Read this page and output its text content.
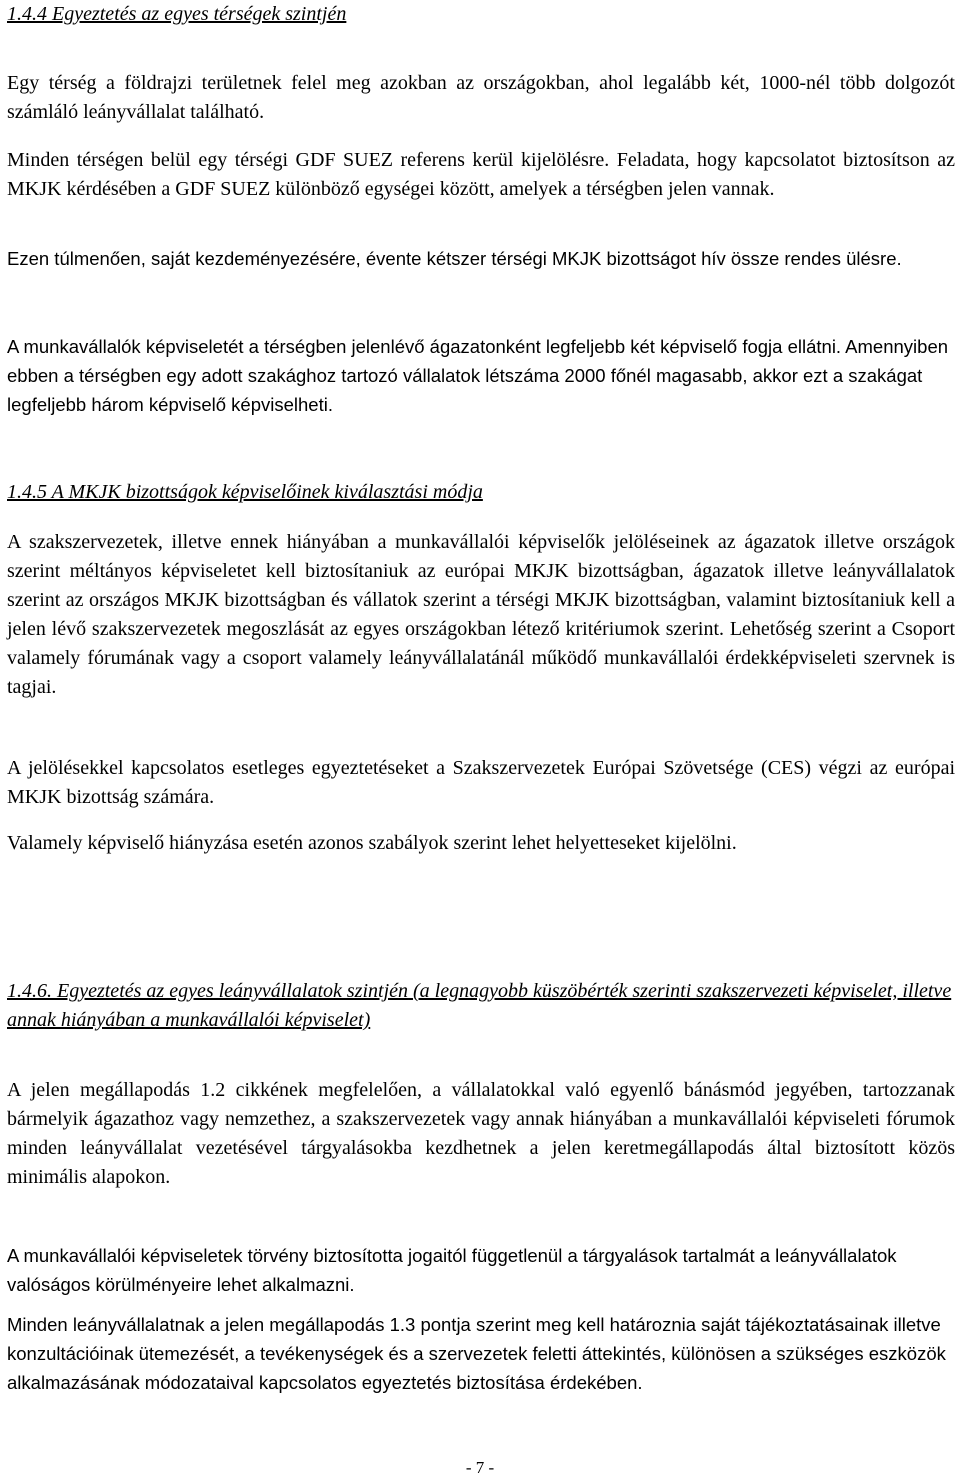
1.4.4 Egyeztetés az egyes térségek szintjén

Egy térség a földrajzi területnek felel meg azokban az országokban, ahol legalább két, 1000-nél több dolgozót számláló leányvállalat található.

Minden térségen belül egy térségi GDF SUEZ referens kerül kijelölésre. Feladata, hogy kapcsolatot biztosítson az MKJK kérdésében a GDF SUEZ különböző egységei között, amelyek a térségben jelen vannak.

Ezen túlmenően, saját kezdeményezésére, évente kétszer térségi MKJK bizottságot hív össze rendes ülésre.

A munkavállalók képviseletét a térségben jelenlévő ágazatonként legfeljebb két képviselő fogja ellátni. Amennyiben ebben a térségben egy adott szakághoz tartozó vállalatok létszáma 2000 főnél magasabb, akkor ezt a szakágat legfeljebb három képviselő képviselheti.

1.4.5 A MKJK bizottságok képviselőinek kiválasztási módja

A szakszervezetek, illetve ennek hiányában a munkavállalói képviselők jelöléseinek az ágazatok illetve országok szerint méltányos képviseletet kell biztosítaniuk az európai MKJK bizottságban, ágazatok illetve leányvállalatok szerint az országos MKJK bizottságban és vállatok szerint a térségi MKJK bizottságban, valamint biztosítaniuk kell a jelen lévő szakszervezetek megoszlását az egyes országokban létező kritériumok szerint. Lehetőség szerint a Csoport valamely fórumának vagy a csoport valamely leányvállalatánál működő munkavállalói érdekképviseleti szervnek is tagjai.

A jelölésekkel kapcsolatos esetleges egyeztetéseket a Szakszervezetek Európai Szövetsége (CES) végzi az európai MKJK bizottság számára.

Valamely képviselő hiányzása esetén azonos szabályok szerint lehet helyetteseket kijelölni.

1.4.6. Egyeztetés az egyes leányvállalatok szintjén (a legnagyobb küszöbérték szerinti szakszervezeti képviselet, illetve annak hiányában a munkavállalói képviselet)

A jelen megállapodás 1.2 cikkének megfelelően, a vállalatokkal való egyenlő bánásmód jegyében, tartozzanak bármelyik ágazathoz vagy nemzethez, a szakszervezetek vagy annak hiányában a munkavállalói képviseleti fórumok minden leányvállalat vezetésével tárgyalásokba kezdhetnek a jelen keretmegállapodás által biztosított közös minimális alapokon.

A munkavállalói képviseletek törvény biztosította jogaitól függetlenül a tárgyalások tartalmát a leányvállalatok valóságos körülményeire lehet alkalmazni.

Minden leányvállalatnak a jelen megállapodás 1.3 pontja szerint meg kell határoznia saját tájékoztatásainak illetve konzultációinak ütemezését, a tevékenységek és a szervezetek feletti áttekintés, különösen a szükséges eszközök alkalmazásának módozataival kapcsolatos egyeztetés biztosítása érdekében.

- 7 -
